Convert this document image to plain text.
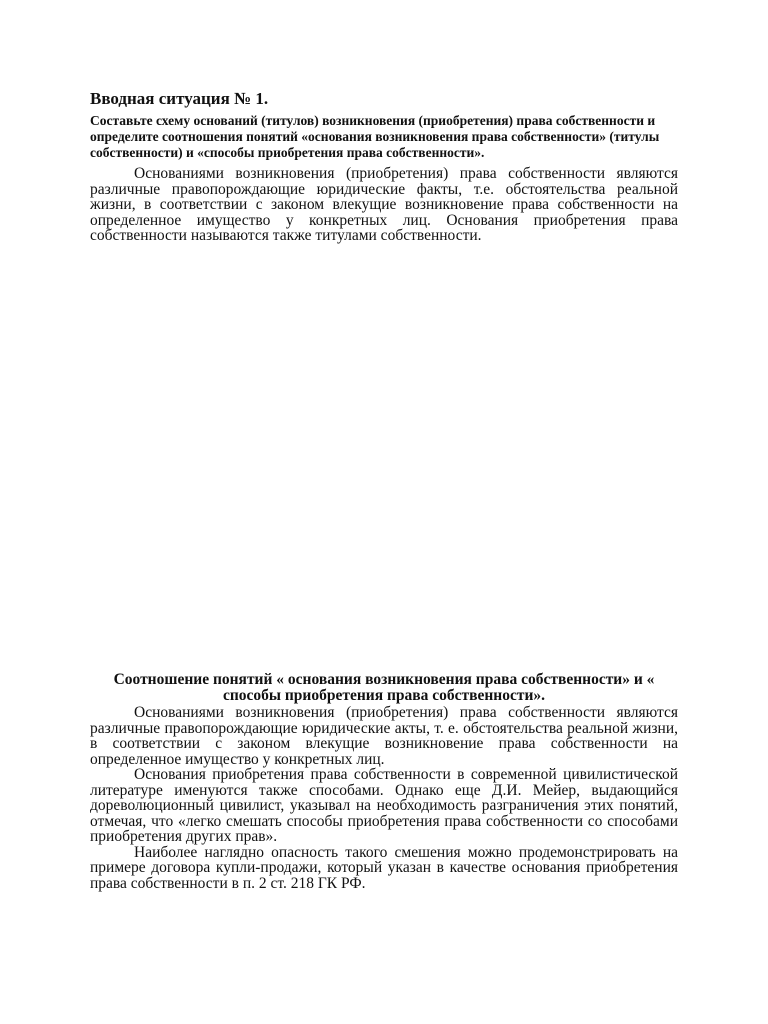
Вводная ситуация № 1.

Составьте схему оснований (титулов) возникновения (приобретения) права собственности и определите соотношения понятий «основания возникновения права собственности» (титулы собственности) и «способы приобретения права собственности».

Основаниями возникновения (приобретения) права собственности являются различные правопорождающие юридические факты, т.е. обстоятельства реальной жизни, в соответствии с законом влекущие возникновение права собственности на определенное имущество у конкретных лиц. Основания приобретения права собственности называются также титулами собственности.

Соотношение понятий « основания возникновения права собственности» и « способы приобретения права собственности».

Основаниями возникновения (приобретения) права собственности являются различные правопорождающие юридические акты, т. е. обстоятельства реальной жизни, в соответствии с законом влекущие возникновение права собственности на определенное имущество у конкретных лиц.

Основания приобретения права собственности в современной цивилистической литературе именуются также способами. Однако еще Д.И. Мейер, выдающийся дореволюционный цивилист, указывал на необходимость разграничения этих понятий, отмечая, что «легко смешать способы приобретения права собственности со способами приобретения других прав».

Наиболее наглядно опасность такого смешения можно продемонстрировать на примере договора купли-продажи, который указан в качестве основания приобретения права собственности в п. 2 ст. 218 ГК РФ.
